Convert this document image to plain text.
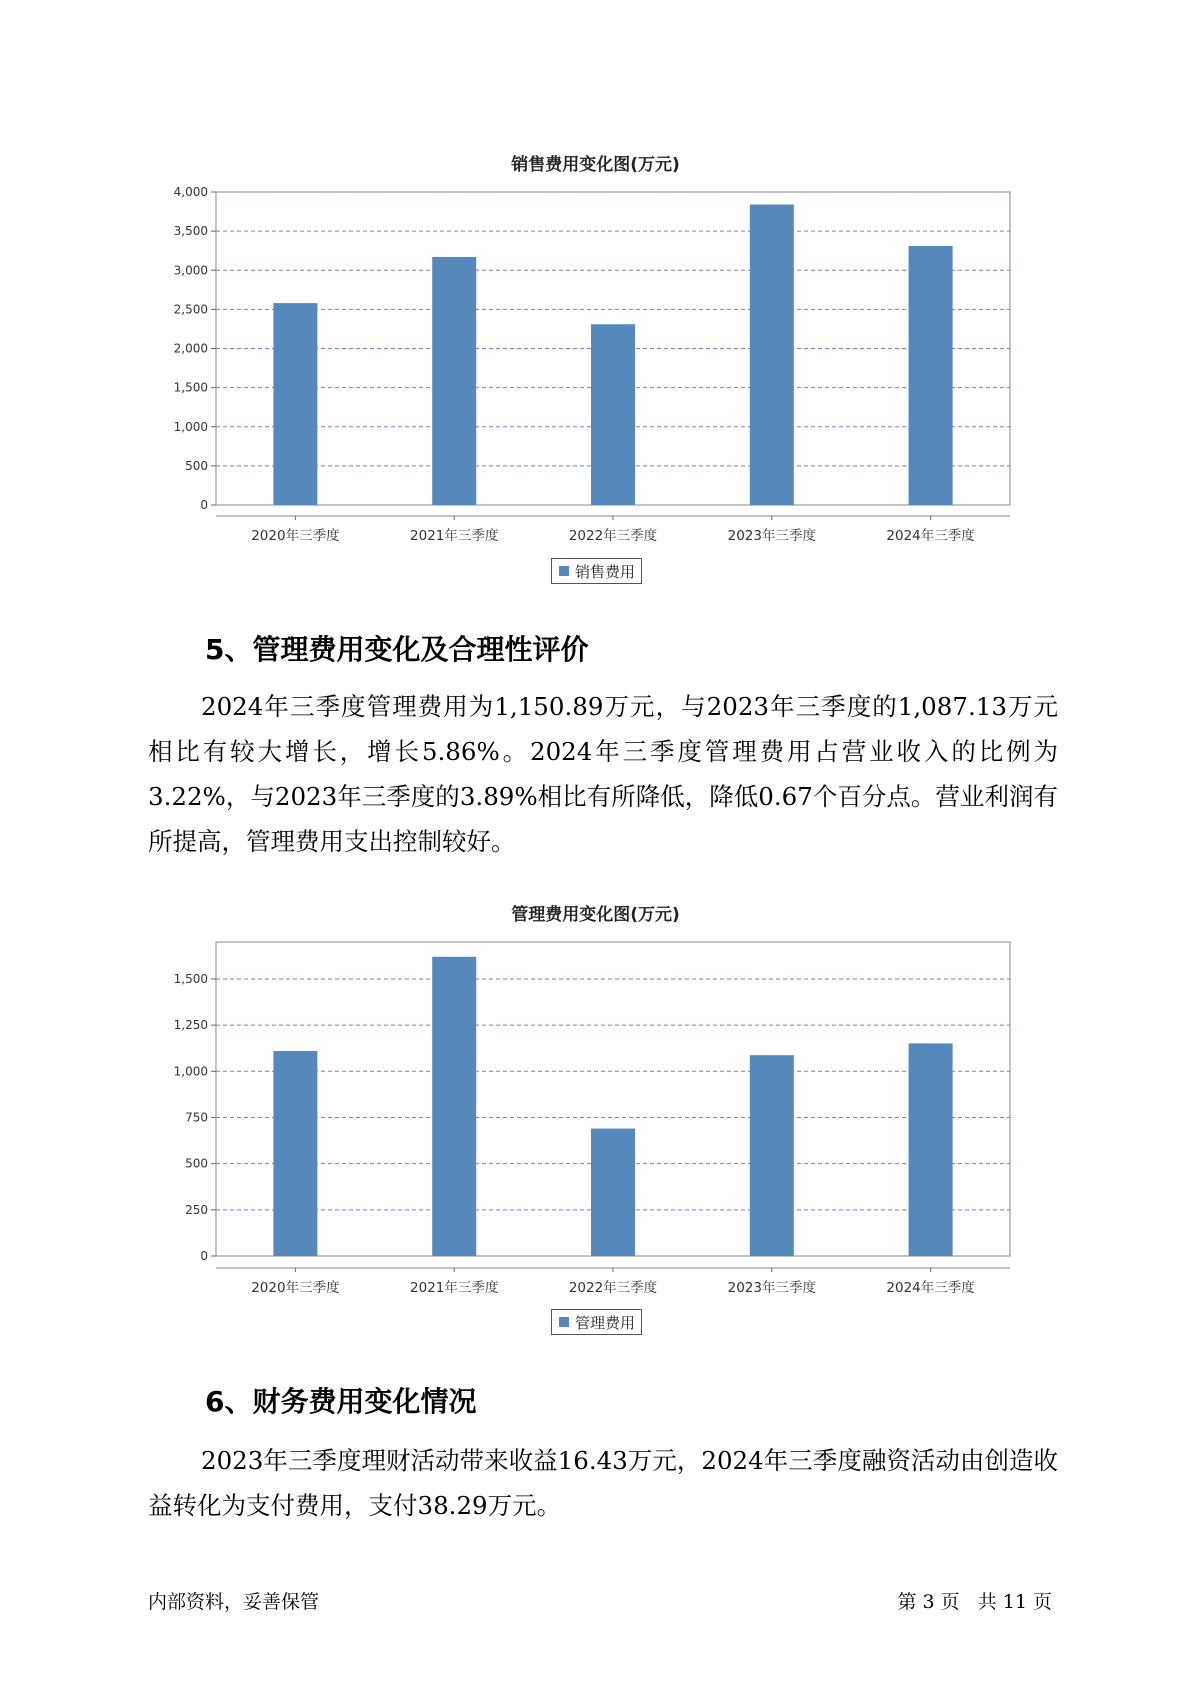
销售费用变化图(万元)
0
500
1,000
1,500
2,000
2,500
3,000
3,500
4,000
2020年三季度	2021年三季度	2022年三季度	2023年三季度	2024年三季度
销售费用
5、管理费用变化及合理性评价

2024年三季度管理费用为1,150.89万元，与2023年三季度的1,087.13万元相比有较大增长，增长5.86%。2024年三季度管理费用占营业收入的比例为3.22%，与2023年三季度的3.89%相比有所降低，降低0.67个百分点。营业利润有所提高，管理费用支出控制较好。

管理费用变化图(万元)
0
250
500
750
1,000
1,250
1,500
2020年三季度	2021年三季度	2022年三季度	2023年三季度	2024年三季度
管理费用
6、财务费用变化情况

2023年三季度理财活动带来收益16.43万元，2024年三季度融资活动由创造收益转化为支付费用，支付38.29万元。

内部资料，妥善保管	第 3 页   共 11 页
